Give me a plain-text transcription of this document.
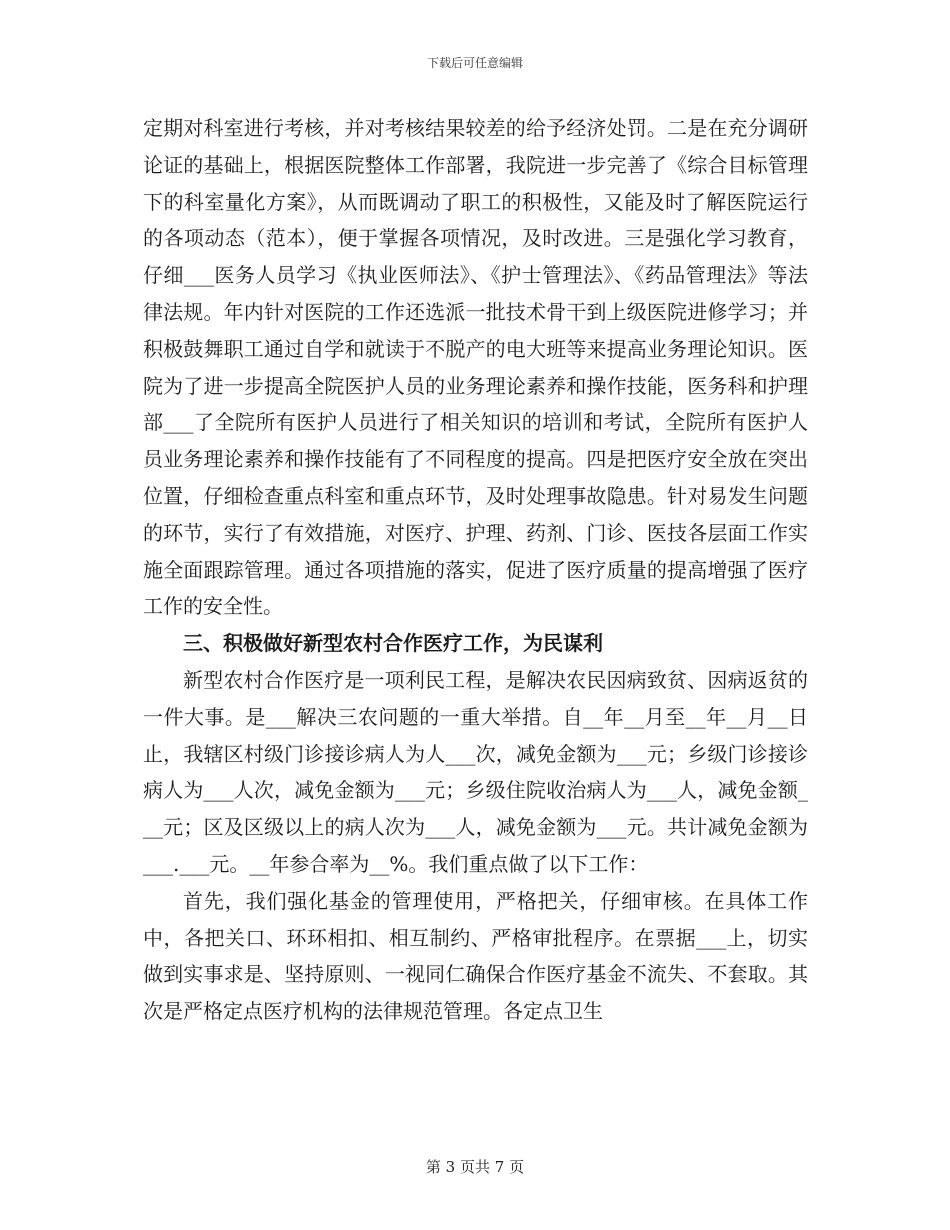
下载后可任意编辑

定期对科室进行考核，并对考核结果较差的给予经济处罚。二是在充分调研论证的基础上，根据医院整体工作部署，我院进一步完善了《综合目标管理下的科室量化方案》，从而既调动了职工的积极性，又能及时了解医院运行的各项动态（范本），便于掌握各项情况，及时改进。三是强化学习教育，仔细___医务人员学习《执业医师法》、《护士管理法》、《药品管理法》等法律法规。年内针对医院的工作还选派一批技术骨干到上级医院进修学习；并积极鼓舞职工通过自学和就读于不脱产的电大班等来提高业务理论知识。医院为了进一步提高全院医护人员的业务理论素养和操作技能，医务科和护理部___了全院所有医护人员进行了相关知识的培训和考试，全院所有医护人员业务理论素养和操作技能有了不同程度的提高。四是把医疗安全放在突出位置，仔细检查重点科室和重点环节，及时处理事故隐患。针对易发生问题的环节，实行了有效措施，对医疗、护理、药剂、门诊、医技各层面工作实施全面跟踪管理。通过各项措施的落实，促进了医疗质量的提高增强了医疗工作的安全性。

三、积极做好新型农村合作医疗工作，为民谋利

新型农村合作医疗是一项利民工程，是解决农民因病致贫、因病返贫的一件大事。是___解决三农问题的一重大举措。自__年__月至__年__月__日止，我辖区村级门诊接诊病人为人___次，减免金额为___元；乡级门诊接诊病人为___人次，减免金额为___元；乡级住院收治病人为___人，减免金额___元；区及区级以上的病人次为___人，减免金额为___元。共计减免金额为___.___元。__年参合率为__%。我们重点做了以下工作：

首先，我们强化基金的管理使用，严格把关，仔细审核。在具体工作中，各把关口、环环相扣、相互制约、严格审批程序。在票据___上，切实做到实事求是、坚持原则、一视同仁确保合作医疗基金不流失、不套取。其次是严格定点医疗机构的法律规范管理。各定点卫生

第 3 页共 7 页
